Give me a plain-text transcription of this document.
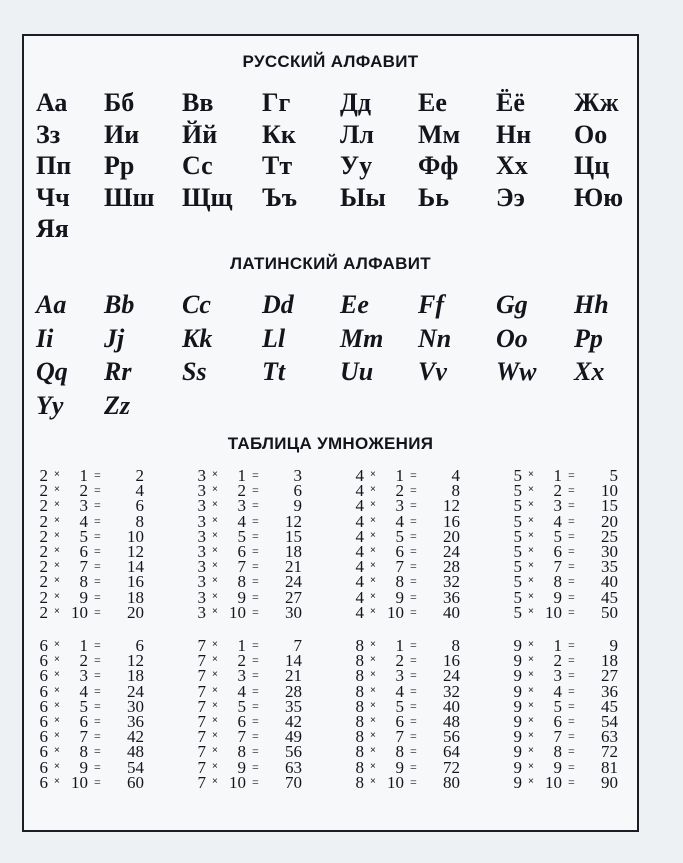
РУССКИЙ АЛФАВИТ
Аа Бб Вв Гг Дд Ее Ёё Жж
Зз Ии Йй Кк Лл Мм Нн Оо
Пп Рр Сс Тт Уу Фф Хх Цц
Чч Шш Щщ Ъъ Ыы Ьь Ээ Юю
Яя
ЛАТИНСКИЙ АЛФАВИТ
Aa Bb Cc Dd Ee Ff Gg Hh
Ii Jj Kk Ll Mm Nn Oo Pp
Qq Rr Ss Tt Uu Vv Ww Xx
Yy Zz
ТАБЛИЦА УМНОЖЕНИЯ
2 ×	1 =	2
2 ×	2 =	4
2 ×	3 =	6
2 ×	4 =	8
2 ×	5 =	10
2 ×	6 =	12
2 ×	7 =	14
2 ×	8 =	16
2 ×	9 =	18
2 × 10 =	20
3 ×	1 =	3
3 ×	2 =	6
3 ×	3 =	9
3 ×	4 =	12
3 ×	5 =	15
3 ×	6 =	18
3 ×	7 =	21
3 ×	8 =	24
3 ×	9 =	27
3 × 10 =	30
4 ×	1 =	4
4 ×	2 =	8
4 ×	3 =	12
4 ×	4 =	16
4 ×	5 =	20
4 ×	6 =	24
4 ×	7 =	28
4 ×	8 =	32
4 ×	9 =	36
4 × 10 =	40
5 ×	1 =	5
5 ×	2 =	10
5 ×	3 =	15
5 ×	4 =	20
5 ×	5 =	25
5 ×	6 =	30
5 ×	7 =	35
5 ×	8 =	40
5 ×	9 =	45
5 × 10 =	50
6 ×	1 =	6
6 ×	2 =	12
6 ×	3 =	18
6 ×	4 =	24
6 ×	5 =	30
6 ×	6 =	36
6 ×	7 =	42
6 ×	8 =	48
6 ×	9 =	54
6 × 10 =	60
7 ×	1 =	7
7 ×	2 =	14
7 ×	3 =	21
7 ×	4 =	28
7 ×	5 =	35
7 ×	6 =	42
7 ×	7 =	49
7 ×	8 =	56
7 ×	9 =	63
7 × 10 =	70
8 ×	1 =	8
8 ×	2 =	16
8 ×	3 =	24
8 ×	4 =	32
8 ×	5 =	40
8 ×	6 =	48
8 ×	7 =	56
8 ×	8 =	64
8 ×	9 =	72
8 × 10 =	80
9 ×	1 =	9
9 ×	2 =	18
9 ×	3 =	27
9 ×	4 =	36
9 ×	5 =	45
9 ×	6 =	54
9 ×	7 =	63
9 ×	8 =	72
9 ×	9 =	81
9 × 10 =	90
